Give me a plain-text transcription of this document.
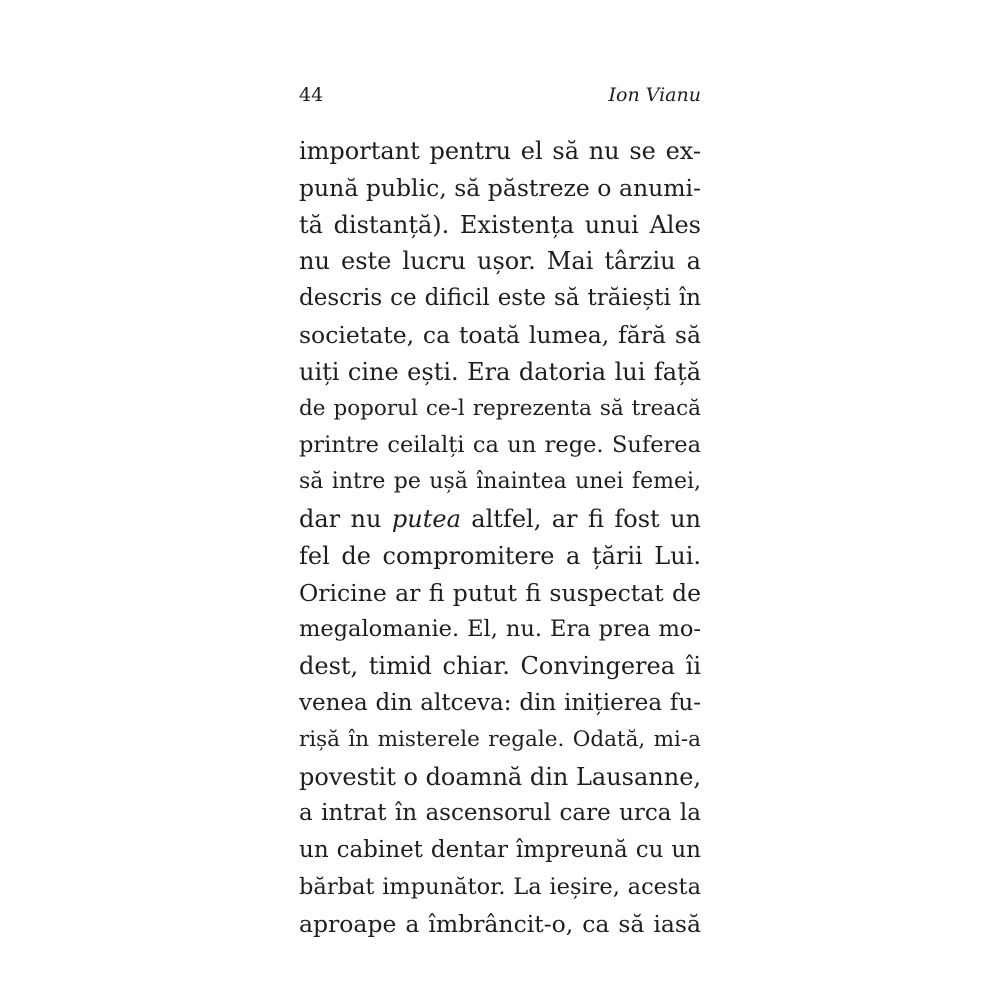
44	Ion Vianu
important pentru el să nu se ex-
pună public, să păstreze o anumi-
tă distanță). Existența unui Ales
nu este lucru ușor. Mai târziu a
descris ce dificil este să trăiești în
societate, ca toată lumea, fără să
uiți cine ești. Era datoria lui față
de poporul ce-l reprezenta să treacă
printre ceilalți ca un rege. Suferea
să intre pe ușă înaintea unei femei,
dar nu putea altfel, ar fi fost un
fel de compromitere a țării Lui.
Oricine ar fi putut fi suspectat de
megalomanie. El, nu. Era prea mo-
dest, timid chiar. Convingerea îi
venea din altceva: din inițierea fu-
rișă în misterele regale. Odată, mi-a
povestit o doamnă din Lausanne,
a intrat în ascensorul care urca la
un cabinet dentar împreună cu un
bărbat impunător. La ieșire, acesta
aproape a îmbrâncit-o, ca să iasă
